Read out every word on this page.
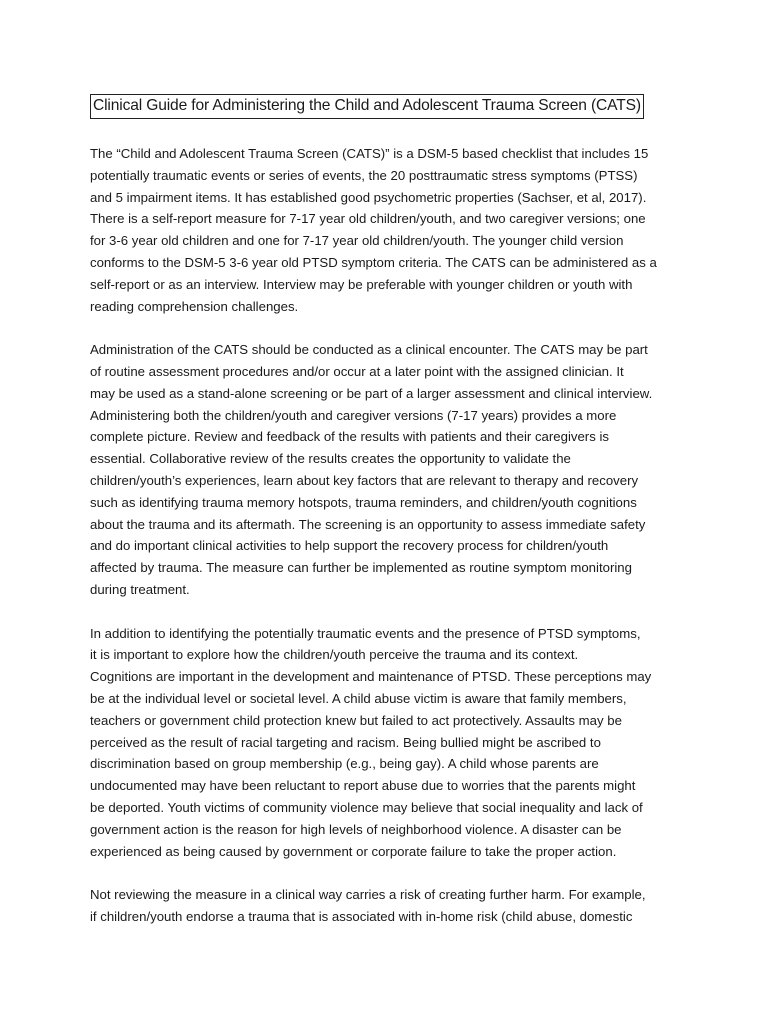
Clinical Guide for Administering the Child and Adolescent Trauma Screen (CATS)
The “Child and Adolescent Trauma Screen (CATS)” is a DSM-5 based checklist that includes 15
potentially traumatic events or series of events, the 20 posttraumatic stress symptoms (PTSS)
and 5 impairment items. It has established good psychometric properties (Sachser, et al, 2017).
There is a self-report measure for 7-17 year old children/youth, and two caregiver versions; one
for 3-6 year old children and one for 7-17 year old children/youth. The younger child version
conforms to the DSM-5 3-6 year old PTSD symptom criteria. The CATS can be administered as a
self-report or as an interview. Interview may be preferable with younger children or youth with
reading comprehension challenges.
Administration of the CATS should be conducted as a clinical encounter. The CATS may be part
of routine assessment procedures and/or occur at a later point with the assigned clinician. It
may be used as a stand-alone screening or be part of a larger assessment and clinical interview.
Administering both the children/youth and caregiver versions (7-17 years) provides a more
complete picture. Review and feedback of the results with patients and their caregivers is
essential. Collaborative review of the results creates the opportunity to validate the
children/youth’s experiences, learn about key factors that are relevant to therapy and recovery
such as identifying trauma memory hotspots, trauma reminders, and children/youth cognitions
about the trauma and its aftermath. The screening is an opportunity to assess immediate safety
and do important clinical activities to help support the recovery process for children/youth
affected by trauma. The measure can further be implemented as routine symptom monitoring
during treatment.
In addition to identifying the potentially traumatic events and the presence of PTSD symptoms,
it is important to explore how the children/youth perceive the trauma and its context.
Cognitions are important in the development and maintenance of PTSD. These perceptions may
be at the individual level or societal level. A child abuse victim is aware that family members,
teachers or government child protection knew but failed to act protectively. Assaults may be
perceived as the result of racial targeting and racism. Being bullied might be ascribed to
discrimination based on group membership (e.g., being gay). A child whose parents are
undocumented may have been reluctant to report abuse due to worries that the parents might
be deported. Youth victims of community violence may believe that social inequality and lack of
government action is the reason for high levels of neighborhood violence. A disaster can be
experienced as being caused by government or corporate failure to take the proper action.
Not reviewing the measure in a clinical way carries a risk of creating further harm. For example,
if children/youth endorse a trauma that is associated with in-home risk (child abuse, domestic
